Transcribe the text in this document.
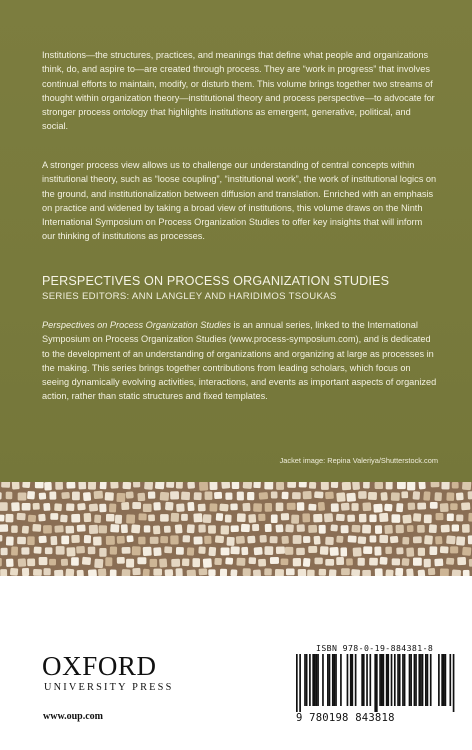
Institutions—the structures, practices, and meanings that define what people and organizations think, do, and aspire to—are created through process. They are “work in progress” that involves continual efforts to maintain, modify, or disturb them. This volume brings together two streams of thought within organization theory—institutional theory and process perspective—to advocate for stronger process ontology that highlights institutions as emergent, generative, political, and social.

A stronger process view allows us to challenge our understanding of central concepts within institutional theory, such as “loose coupling”, “institutional work”, the work of institutional logics on the ground, and institutionalization between diffusion and translation. Enriched with an emphasis on practice and widened by taking a broad view of institutions, this volume draws on the Ninth International Symposium on Process Organization Studies to offer key insights that will inform our thinking of institutions as processes.

PERSPECTIVES ON PROCESS ORGANIZATION STUDIES
SERIES EDITORS: ANN LANGLEY AND HARIDIMOS TSOUKAS

Perspectives on Process Organization Studies is an annual series, linked to the International Symposium on Process Organization Studies (www.process-symposium.com), and is dedicated to the development of an understanding of organizations and organizing at large as processes in the making. This series brings together contributions from leading scholars, which focus on seeing dynamically evolving activities, interactions, and events as important aspects of organized action, rather than static structures and fixed templates.

Jacket image: Repina Valeriya/Shutterstock.com
OXFORD
UNIVERSITY PRESS
www.oup.com
ISBN 978-0-19-884381-8
9 780198 843818
